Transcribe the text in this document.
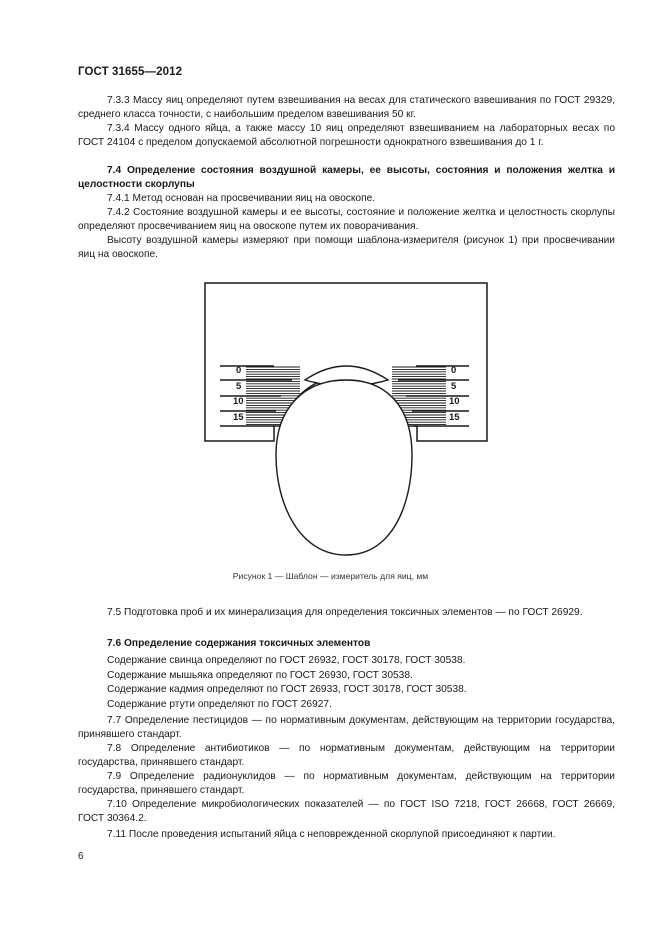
ГОСТ 31655—2012
7.3.3 Массу яиц определяют путем взвешивания на весах для статического взвешивания по ГОСТ 29329, среднего класса точности, с наибольшим пределом взвешивания 50 кг.
7.3.4 Массу одного яйца, а также массу 10 яиц определяют взвешиванием на лабораторных весах по ГОСТ 24104 с пределом допускаемой абсолютной погрешности однократного взвешивания до 1 г.
7.4 Определение состояния воздушной камеры, ее высоты, состояния и положения желтка и целостности скорлупы
7.4.1 Метод основан на просвечивании яиц на овоскопе.
7.4.2 Состояние воздушной камеры и ее высоты, состояние и положение желтка и целостность скорлупы определяют просвечиванием яиц на овоскопе путем их поворачивания.
Высоту воздушной камеры измеряют при помощи шаблона-измерителя (рисунок 1) при просвечивании яиц на овоскопе.
0
5
10
15
0
5
10
15
Рисунок 1 — Шаблон — измеритель для яиц, мм
7.5 Подготовка проб и их минерализация для определения токсичных элементов — по ГОСТ 26929.
7.6 Определение содержания токсичных элементов
Содержание свинца определяют по ГОСТ 26932, ГОСТ 30178, ГОСТ 30538.
Содержание мышьяка определяют по ГОСТ 26930, ГОСТ 30538.
Содержание кадмия определяют по ГОСТ 26933, ГОСТ 30178, ГОСТ 30538.
Содержание ртути определяют по ГОСТ 26927.
7.7 Определение пестицидов — по нормативным документам, действующим на территории государства, принявшего стандарт.
7.8 Определение антибиотиков — по нормативным документам, действующим на территории государства, принявшего стандарт.
7.9 Определение радионуклидов — по нормативным документам, действующим на территории государства, принявшего стандарт.
7.10 Определение микробиологических показателей — по ГОСТ ISO 7218, ГОСТ 26668, ГОСТ 26669, ГОСТ 30364.2.
7.11 После проведения испытаний яйца с неповрежденной скорлупой присоединяют к партии.
6
